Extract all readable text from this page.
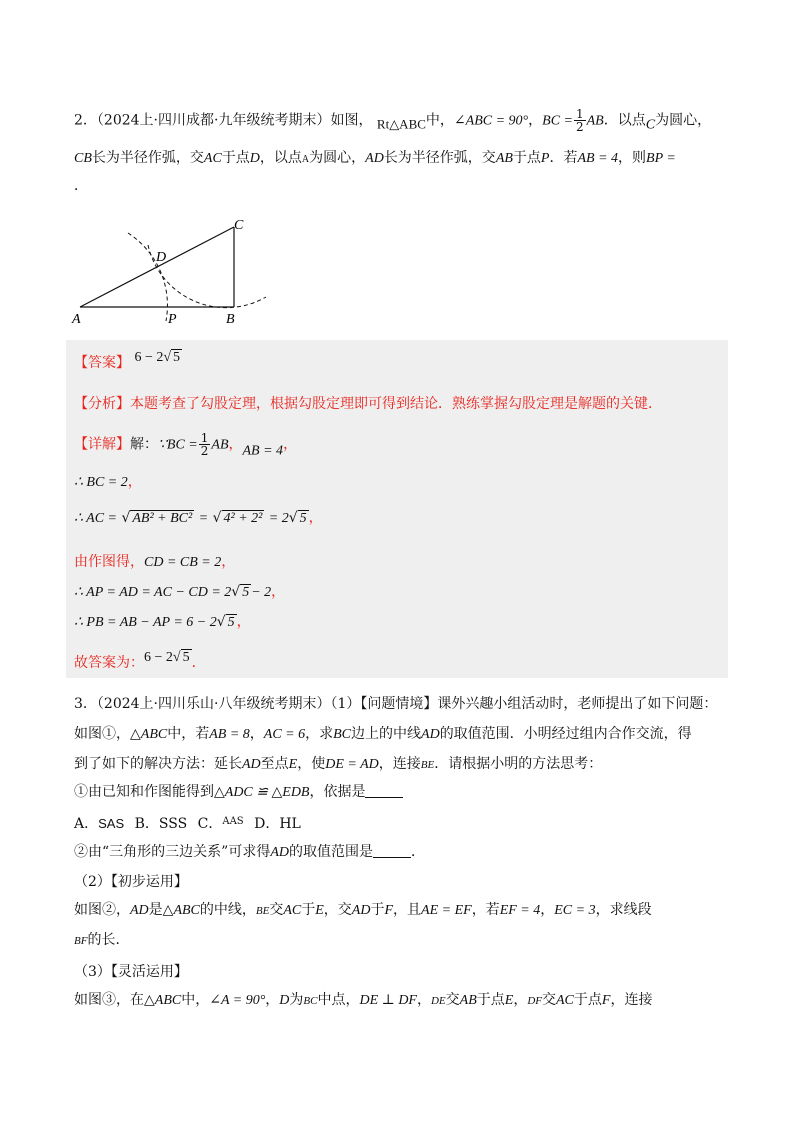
2．（2024上·四川成都·九年级统考期末）如图， Rt△ABC中，∠ABC = 90°，BC = $\frac{1}{2}$ AB．以点C为圆心，
CB长为半径作弧，交AC于点D，以点A为圆心，AD长为半径作弧，交AB于点P．若AB = 4，则BP =
．
A	P	B
C
D
【答案】 6 − 2√ 5
【分析】本题考查了勾股定理，根据勾股定理即可得到结论．熟练掌握勾股定理是解题的关键．
【详解】解：∵BC = $\frac{1}{2}$ AB，AB = 4，
∴ BC = 2，
∴ AC = √ AB² + BC² = √ 4² + 2² = 2√ 5 ，
由作图得，CD = CB = 2，
∴ AP = AD = AC − CD = 2√ 5 − 2，
∴ PB = AB − AP = 6 − 2√ 5 ，
故答案为：6 − 2√ 5 ．
3．（2024上·四川乐山·八年级统考期末）（1）【问题情境】课外兴趣小组活动时，老师提出了如下问题：
如图①，△ABC中，若AB = 8，AC = 6，求BC边上的中线AD的取值范围．小明经过组内合作交流，得
到了如下的解决方法：延长AD至点E，使DE = AD，连接BE．请根据小明的方法思考：
①由已知和作图能得到△ADC ≌ △EDB，依据是
A．SAS B．SSS C．$^{AAS}$ D．HL
②由“三角形的三边关系”可求得AD的取值范围是	．
（2）【初步运用】
如图②，AD是△ABC的中线，BE交AC于E，交AD于F，且AE = EF，若EF = 4，EC = 3，求线段
BF的长．
（3）【灵活运用】
如图③，在△ABC中，∠A = 90°，D为BC中点，DE ⊥ DF，DE交AB于点E，DF交AC于点F，连接
